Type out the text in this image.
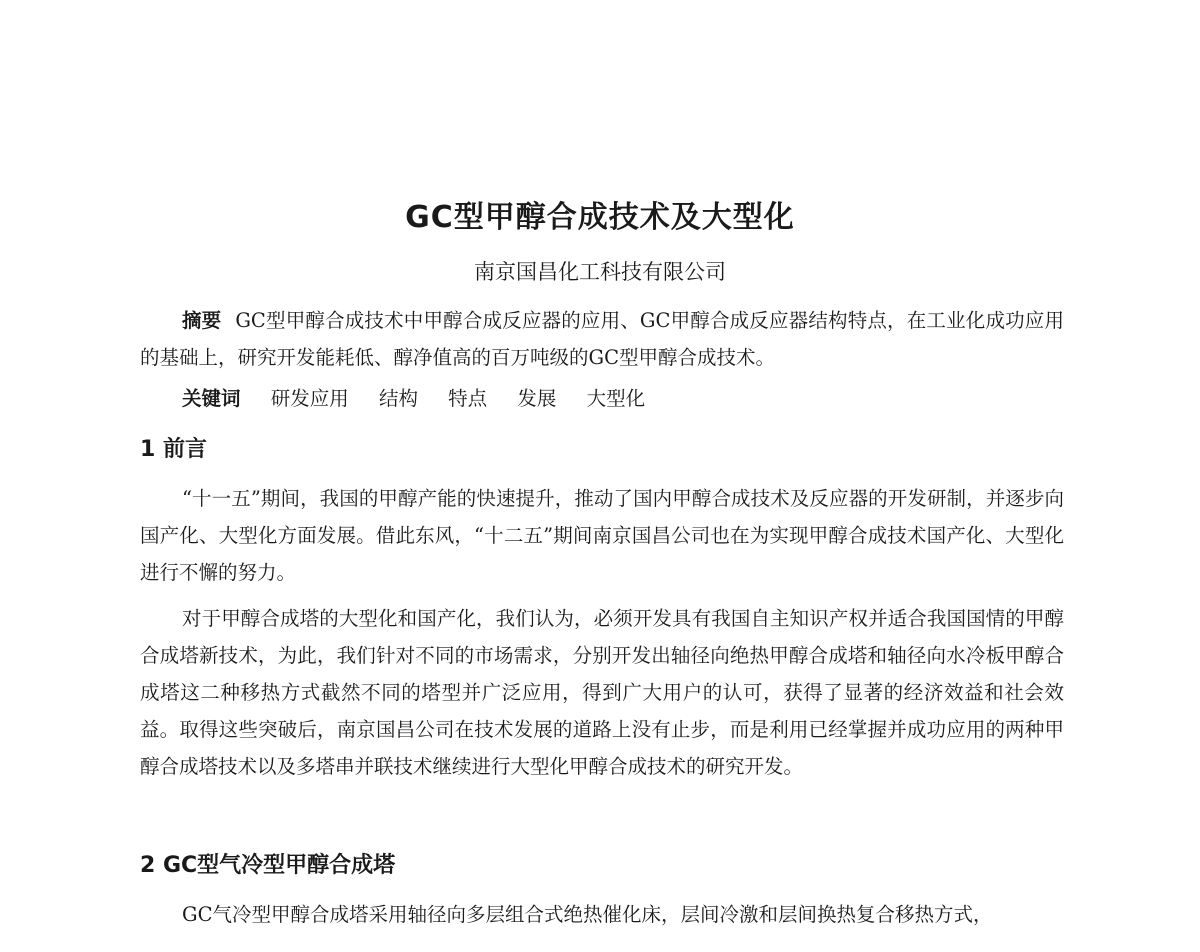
GC型甲醇合成技术及大型化
南京国昌化工科技有限公司
摘要 GC型甲醇合成技术中甲醇合成反应器的应用、GC甲醇合成反应器结构特点，在工业化成功应用的基础上，研究开发能耗低、醇净值高的百万吨级的GC型甲醇合成技术。
关键词 研发应用 结构 特点 发展 大型化
1 前言
“十一五”期间，我国的甲醇产能的快速提升，推动了国内甲醇合成技术及反应器的开发研制，并逐步向国产化、大型化方面发展。借此东风，“十二五”期间南京国昌公司也在为实现甲醇合成技术国产化、大型化进行不懈的努力。
对于甲醇合成塔的大型化和国产化，我们认为，必须开发具有我国自主知识产权并适合我国国情的甲醇合成塔新技术，为此，我们针对不同的市场需求，分别开发出轴径向绝热甲醇合成塔和轴径向水冷板甲醇合成塔这二种移热方式截然不同的塔型并广泛应用，得到广大用户的认可，获得了显著的经济效益和社会效益。取得这些突破后，南京国昌公司在技术发展的道路上没有止步，而是利用已经掌握并成功应用的两种甲醇合成塔技术以及多塔串并联技术继续进行大型化甲醇合成技术的研究开发。
2 GC型气冷型甲醇合成塔
GC气冷型甲醇合成塔采用轴径向多层组合式绝热催化床，层间冷激和层间换热复合移热方式，
